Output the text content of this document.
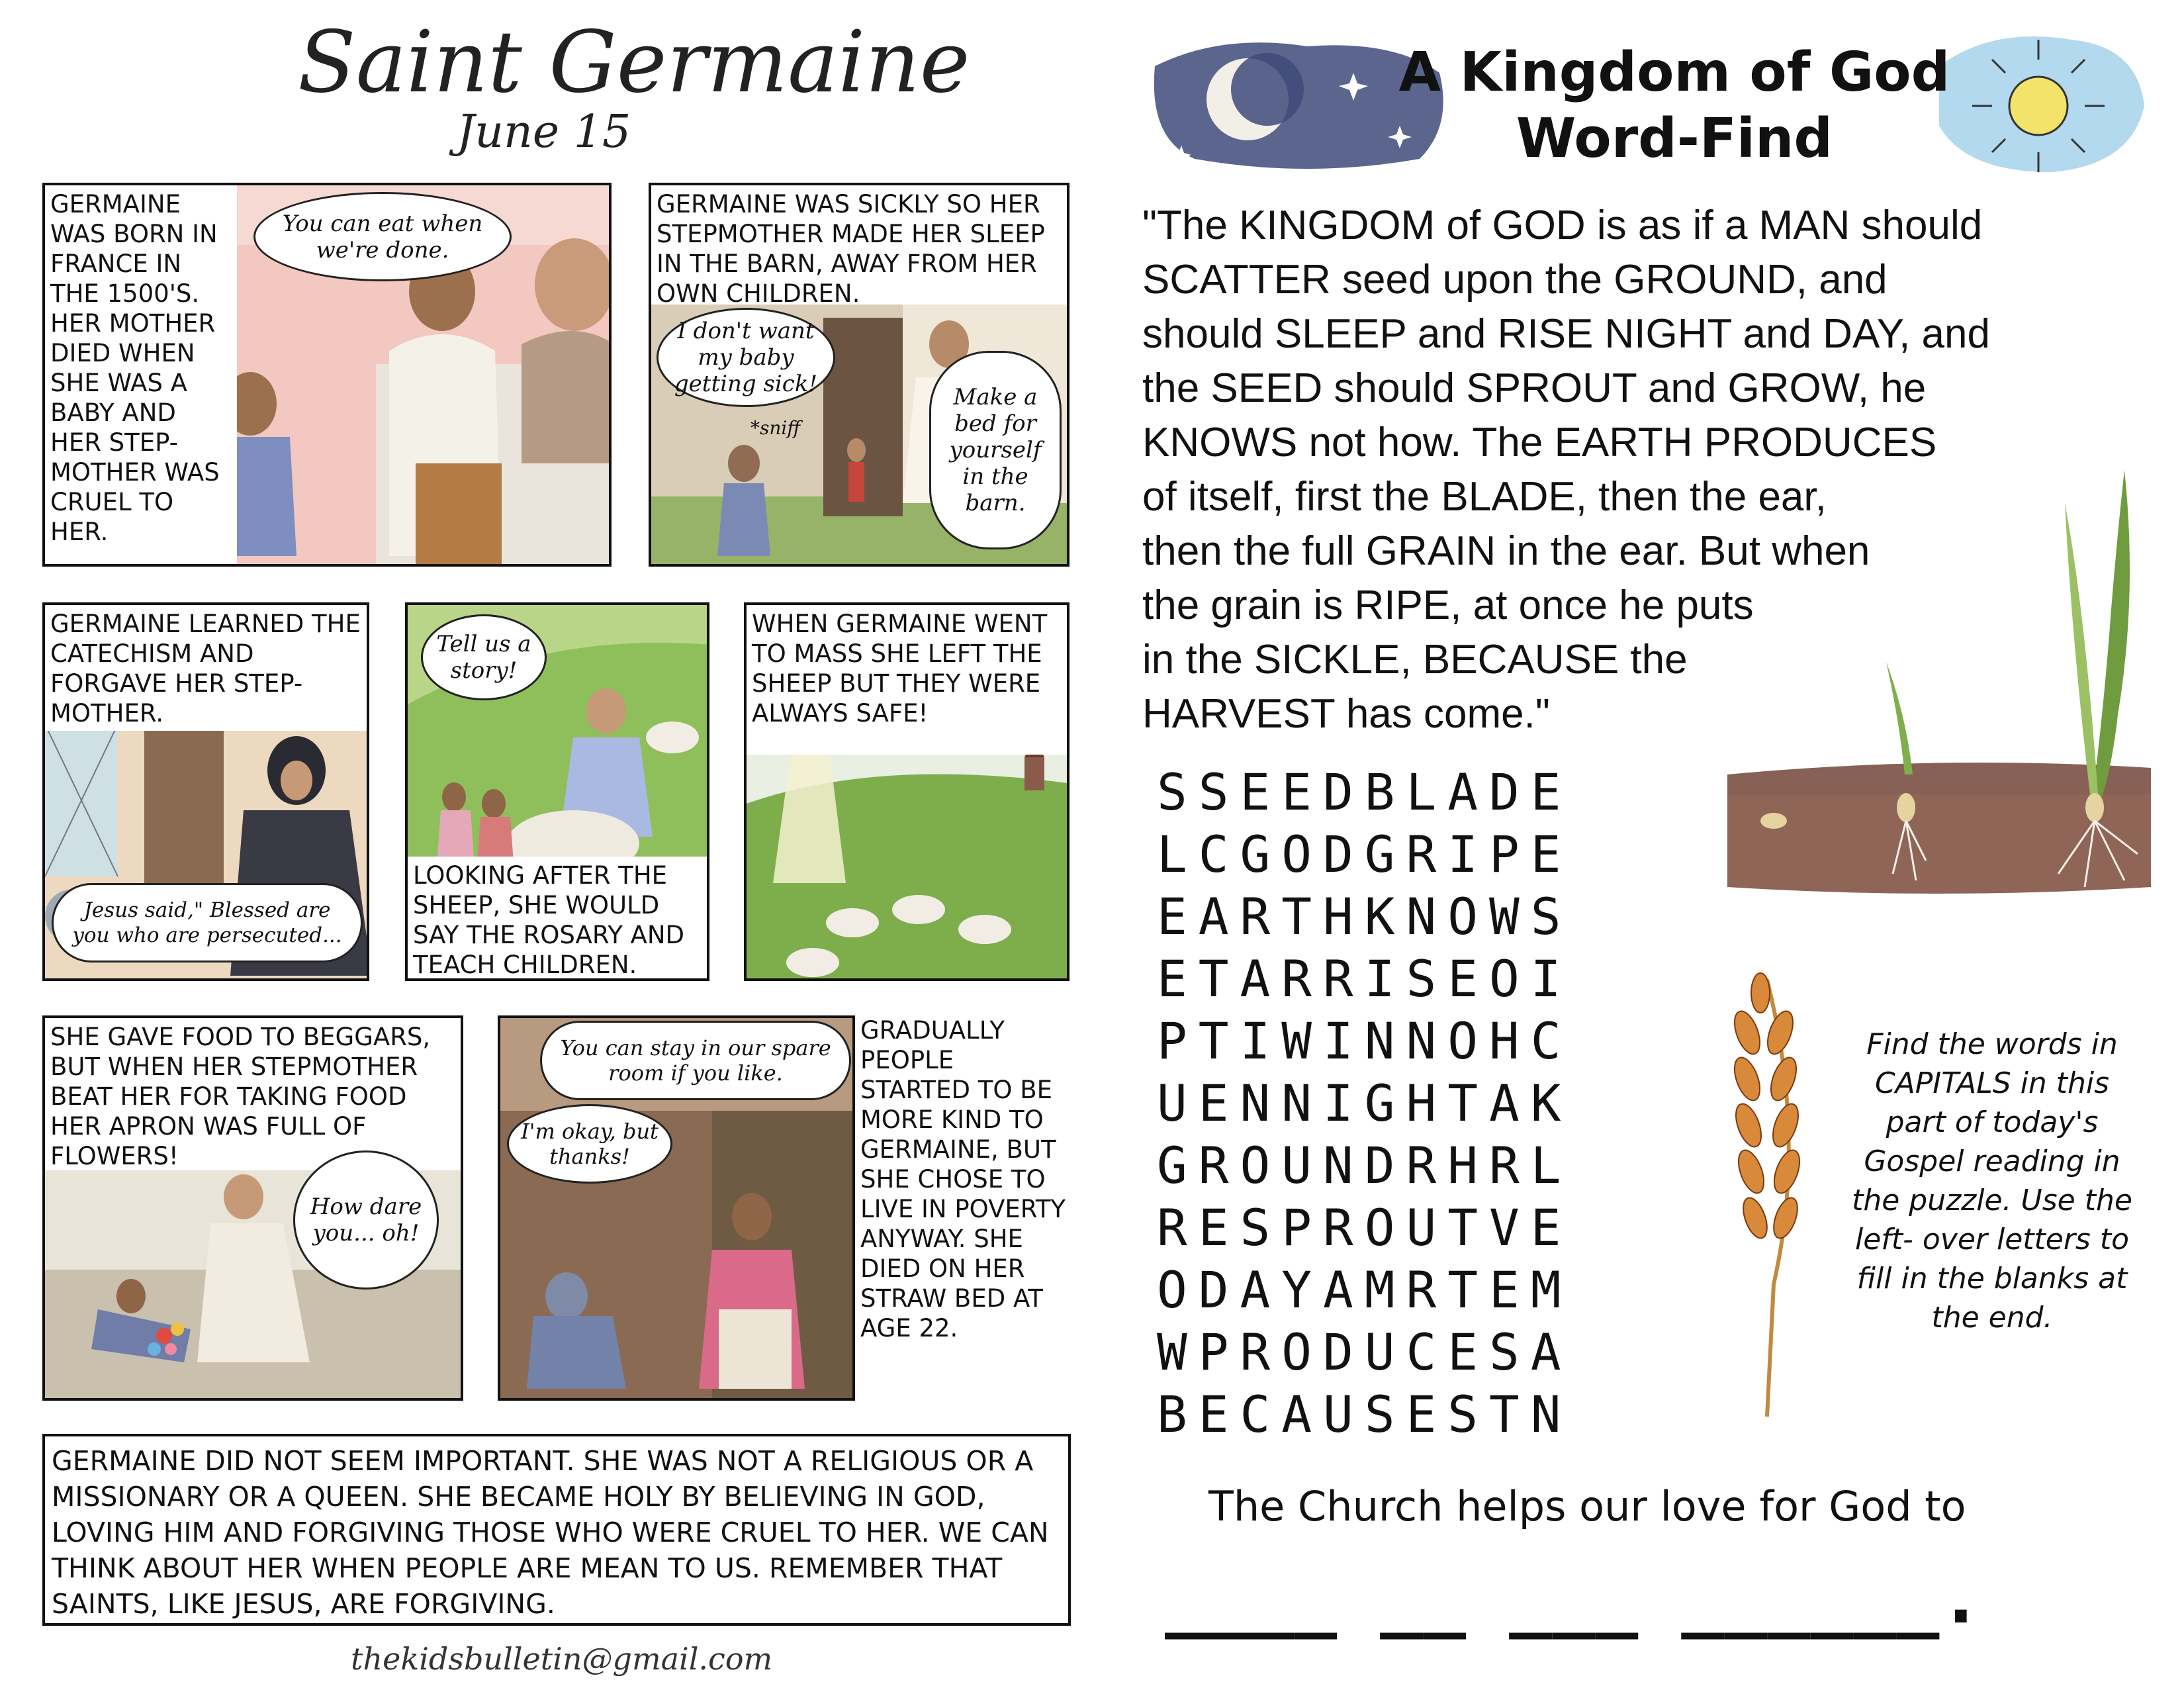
Saint Germaine
June 15
GERMAINE WAS BORN IN FRANCE IN THE 1500'S. HER MOTHER DIED WHEN SHE WAS A BABY AND HER STEP- MOTHER WAS CRUEL TO HER.
You can eat when we're done.
GERMAINE WAS SICKLY SO HER STEPMOTHER MADE HER SLEEP IN THE BARN, AWAY FROM HER OWN CHILDREN.
I don't want my baby getting sick!
*sniff
Make a bed for yourself in the barn.
GERMAINE LEARNED THE CATECHISM AND FORGAVE HER STEP- MOTHER.
Jesus said," Blessed are you who are persecuted...
Tell us a story!
LOOKING AFTER THE SHEEP, SHE WOULD SAY THE ROSARY AND TEACH CHILDREN.
WHEN GERMAINE WENT TO MASS SHE LEFT THE SHEEP BUT THEY WERE ALWAYS SAFE!
SHE GAVE FOOD TO BEGGARS, BUT WHEN HER STEPMOTHER BEAT HER FOR TAKING FOOD HER APRON WAS FULL OF FLOWERS!
How dare you... oh!
You can stay in our spare room if you like.
I'm okay, but thanks!
GRADUALLY PEOPLE STARTED TO BE MORE KIND TO GERMAINE, BUT SHE CHOSE TO LIVE IN POVERTY ANYWAY. SHE DIED ON HER STRAW BED AT AGE 22.
GERMAINE DID NOT SEEM IMPORTANT. SHE WAS NOT A RELIGIOUS OR A MISSIONARY OR A QUEEN. SHE BECAME HOLY BY BELIEVING IN GOD, LOVING HIM AND FORGIVING THOSE WHO WERE CRUEL TO HER. WE CAN THINK ABOUT HER WHEN PEOPLE ARE MEAN TO US. REMEMBER THAT SAINTS, LIKE JESUS, ARE FORGIVING.
thekidsbulletin@gmail.com
A Kingdom of God
Word-Find
"The KINGDOM of GOD is as if a MAN should
SCATTER seed upon the GROUND, and
should SLEEP and RISE NIGHT and DAY, and
the SEED should SPROUT and GROW, he
KNOWS not how. The EARTH PRODUCES
of itself, first the BLADE, then the ear,
then the full GRAIN in the ear. But when
the grain is RIPE, at once he puts
in the SICKLE, BECAUSE the
HARVEST has come."
SSEEDBLADE
LCGODGRIPE
EARTHKNOWS
ETARRISEOI
PTIWINNOHC
UENNIGHTAK
GROUNDRHRL
RESPROUTVE
ODAYAMRTEM
WPRODUCESA
BECAUSESTN
Find the words in CAPITALS in this part of today's Gospel reading in the puzzle. Use the left- over letters to fill in the blanks at the end.
The Church helps our love for God to
____ __ ___ ______.
